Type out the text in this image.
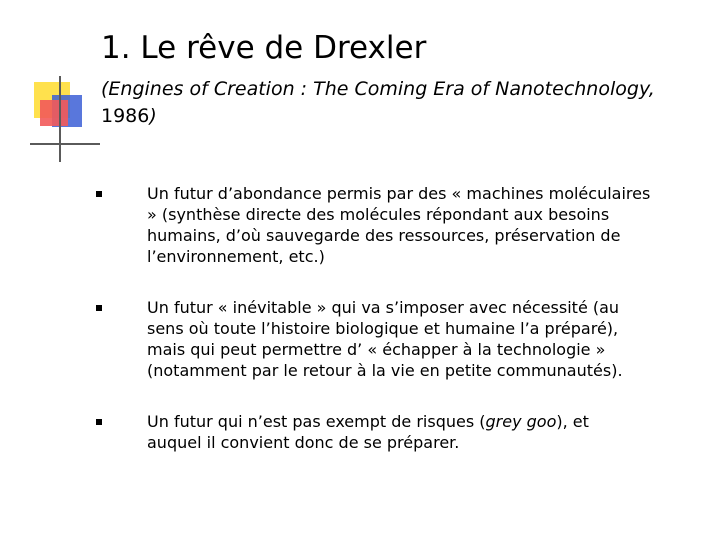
1. Le rêve de Drexler
(Engines of Creation : The Coming Era of Nanotechnology,
1986)
Un futur d’abondance permis par des « machines moléculaires
» (synthèse directe des molécules répondant aux besoins
humains, d’où sauvegarde des ressources, préservation de
l’environnement, etc.)
Un futur « inévitable » qui va s’imposer avec nécessité (au
sens où toute l’histoire biologique et humaine l’a préparé),
mais qui peut permettre d’ « échapper à la technologie »
(notamment par le retour à la vie en petite communautés).
Un futur qui n’est pas exempt de risques (grey goo), et
auquel il convient donc de se préparer.
